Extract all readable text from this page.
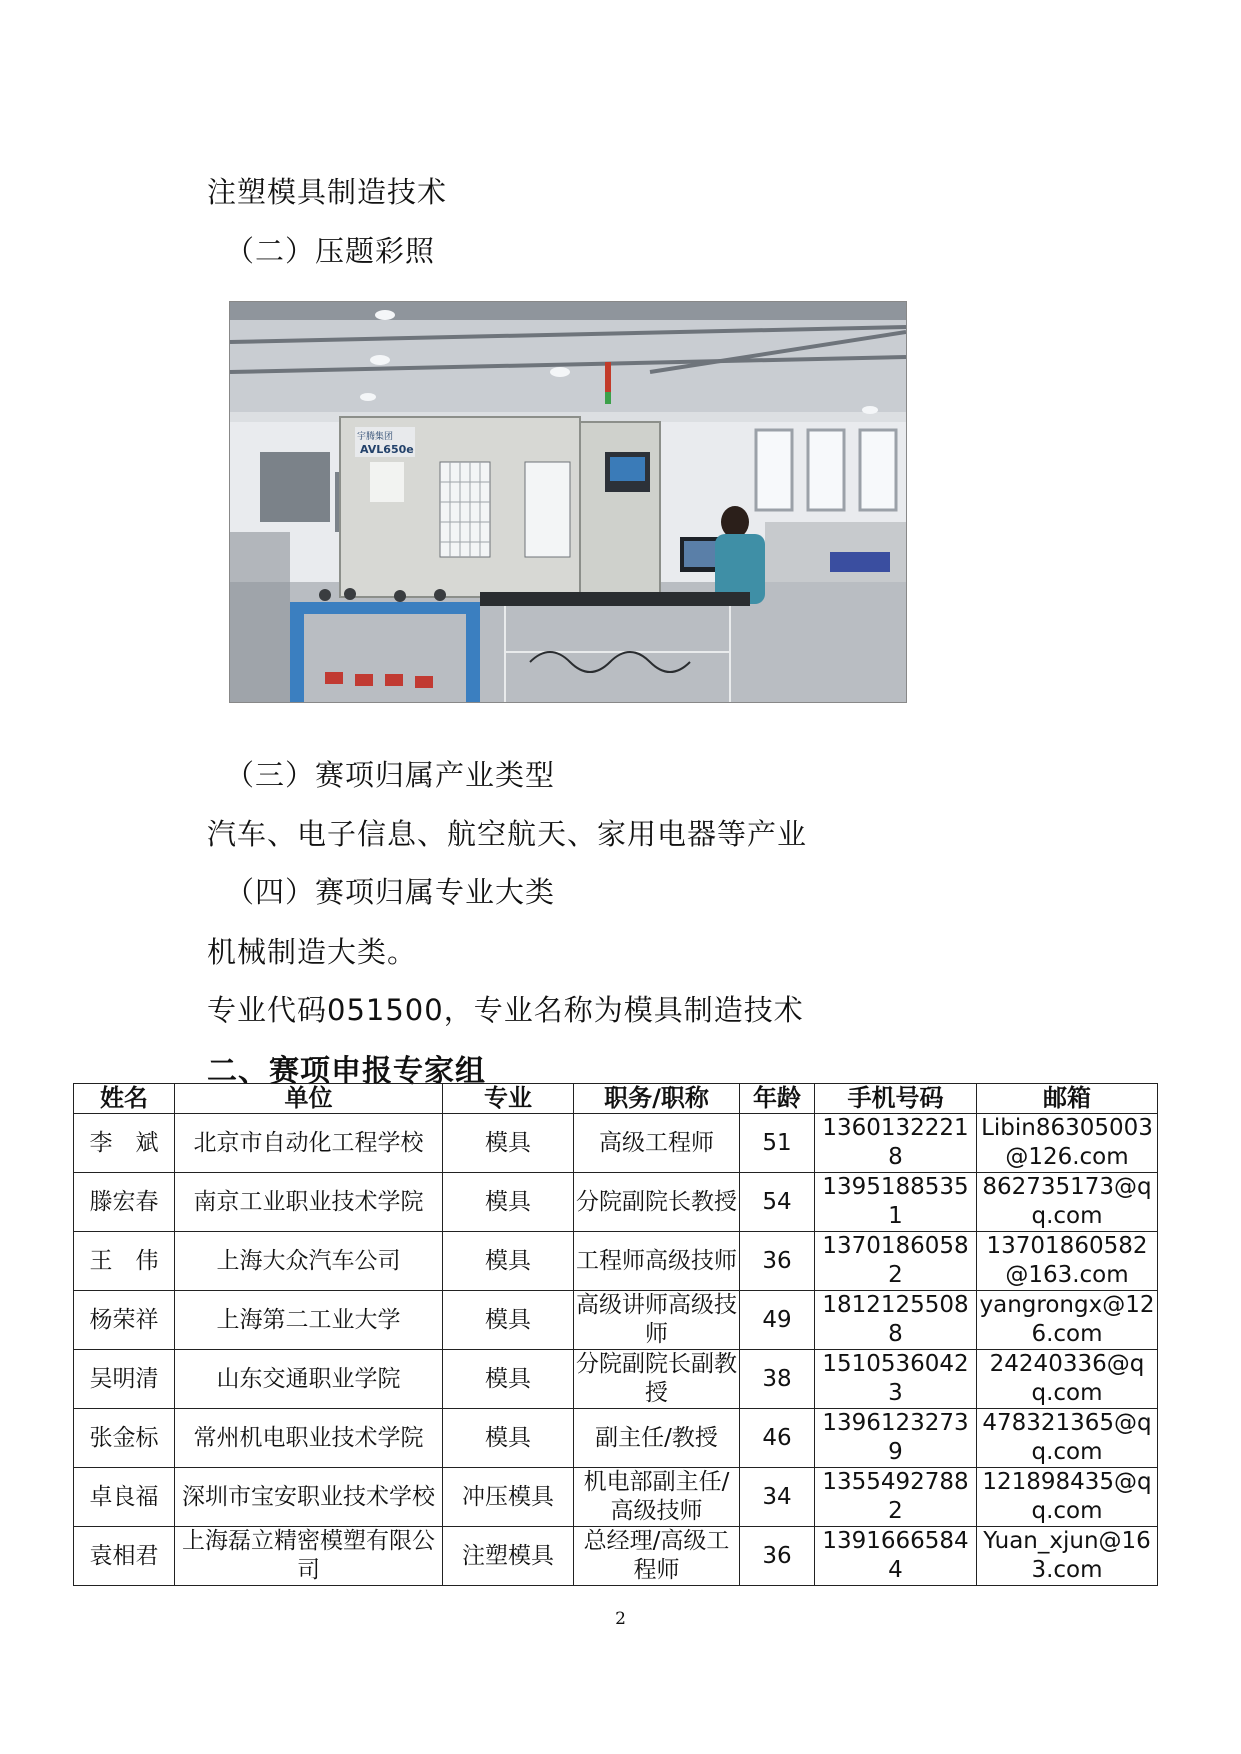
注塑模具制造技术
（二）压题彩照
宇腾集团
AVL650e
（三）赛项归属产业类型
汽车、电子信息、航空航天、家用电器等产业
（四）赛项归属专业大类
机械制造大类。
专业代码051500，专业名称为模具制造技术
二、赛项申报专家组
姓名	单位	专业	职务/职称	年龄	手机号码	邮箱
李　斌	北京市自动化工程学校	模具	高级工程师	51	13601322218	Libin86305003@126.com
滕宏春	南京工业职业技术学院	模具	分院副院长教授	54	13951885351	862735173@qq.com
王　伟	上海大众汽车公司	模具	工程师高级技师	36	13701860582	13701860582@163.com
杨荣祥	上海第二工业大学	模具	高级讲师高级技师	49	18121255088	yangrongx@126.com
吴明清	山东交通职业学院	模具	分院副院长副教授	38	15105360423	24240336@qq.com
张金标	常州机电职业技术学院	模具	副主任/教授	46	13961232739	478321365@qq.com
卓良福	深圳市宝安职业技术学校	冲压模具	机电部副主任/高级技师	34	13554927882	121898435@qq.com
袁相君	上海磊立精密模塑有限公司	注塑模具	总经理/高级工程师	36	13916665844	Yuan_xjun@163.com
2
